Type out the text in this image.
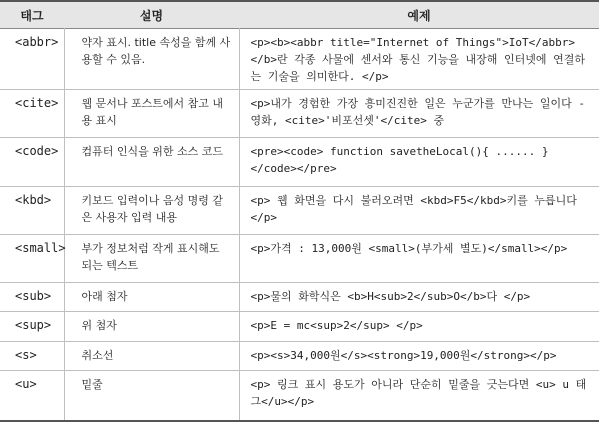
태그	설명	예제
<abbr>	약자 표시. title 속성을 함께 사용할 수 있음.	<p><b><abbr title="Internet of Things">IoT</abbr></b>란 각종 사물에 센서와 통신 기능을 내장해 인터넷에 연결하는 기술을 의미한다. </p>
<cite>	웹 문서나 포스트에서 참고 내용 표시	<p>내가 경험한 가장 흥미진진한 일은 누군가를 만나는 일이다 - 영화, <cite>'비포선셋'</cite> 중
<code>	컴퓨터 인식을 위한 소스 코드	<pre><code> function savetheLocal(){ ...... } </code></pre>
<kbd>	키보드 입력이나 음성 명령 같은 사용자 입력 내용	<p> 웹 화면을 다시 불러오려면 <kbd>F5</kbd>키를 누릅니다</p>
<small>	부가 정보처럼 작게 표시해도 되는 텍스트	<p>가격 : 13,000원 <small>(부가세 별도)</small></p>
<sub>	아래 첨자	<p>물의 화학식은 <b>H<sub>2</sub>O</b>다 </p>
<sup>	위 첨자	<p>E = mc<sup>2</sup> </p>
<s>	취소선	<p><s>34,000원</s><strong>19,000원</strong></p>
<u>	밑줄	<p> 링크 표시 용도가 아니라 단순히 밑줄을 긋는다면 <u> u 태그</u></p>
